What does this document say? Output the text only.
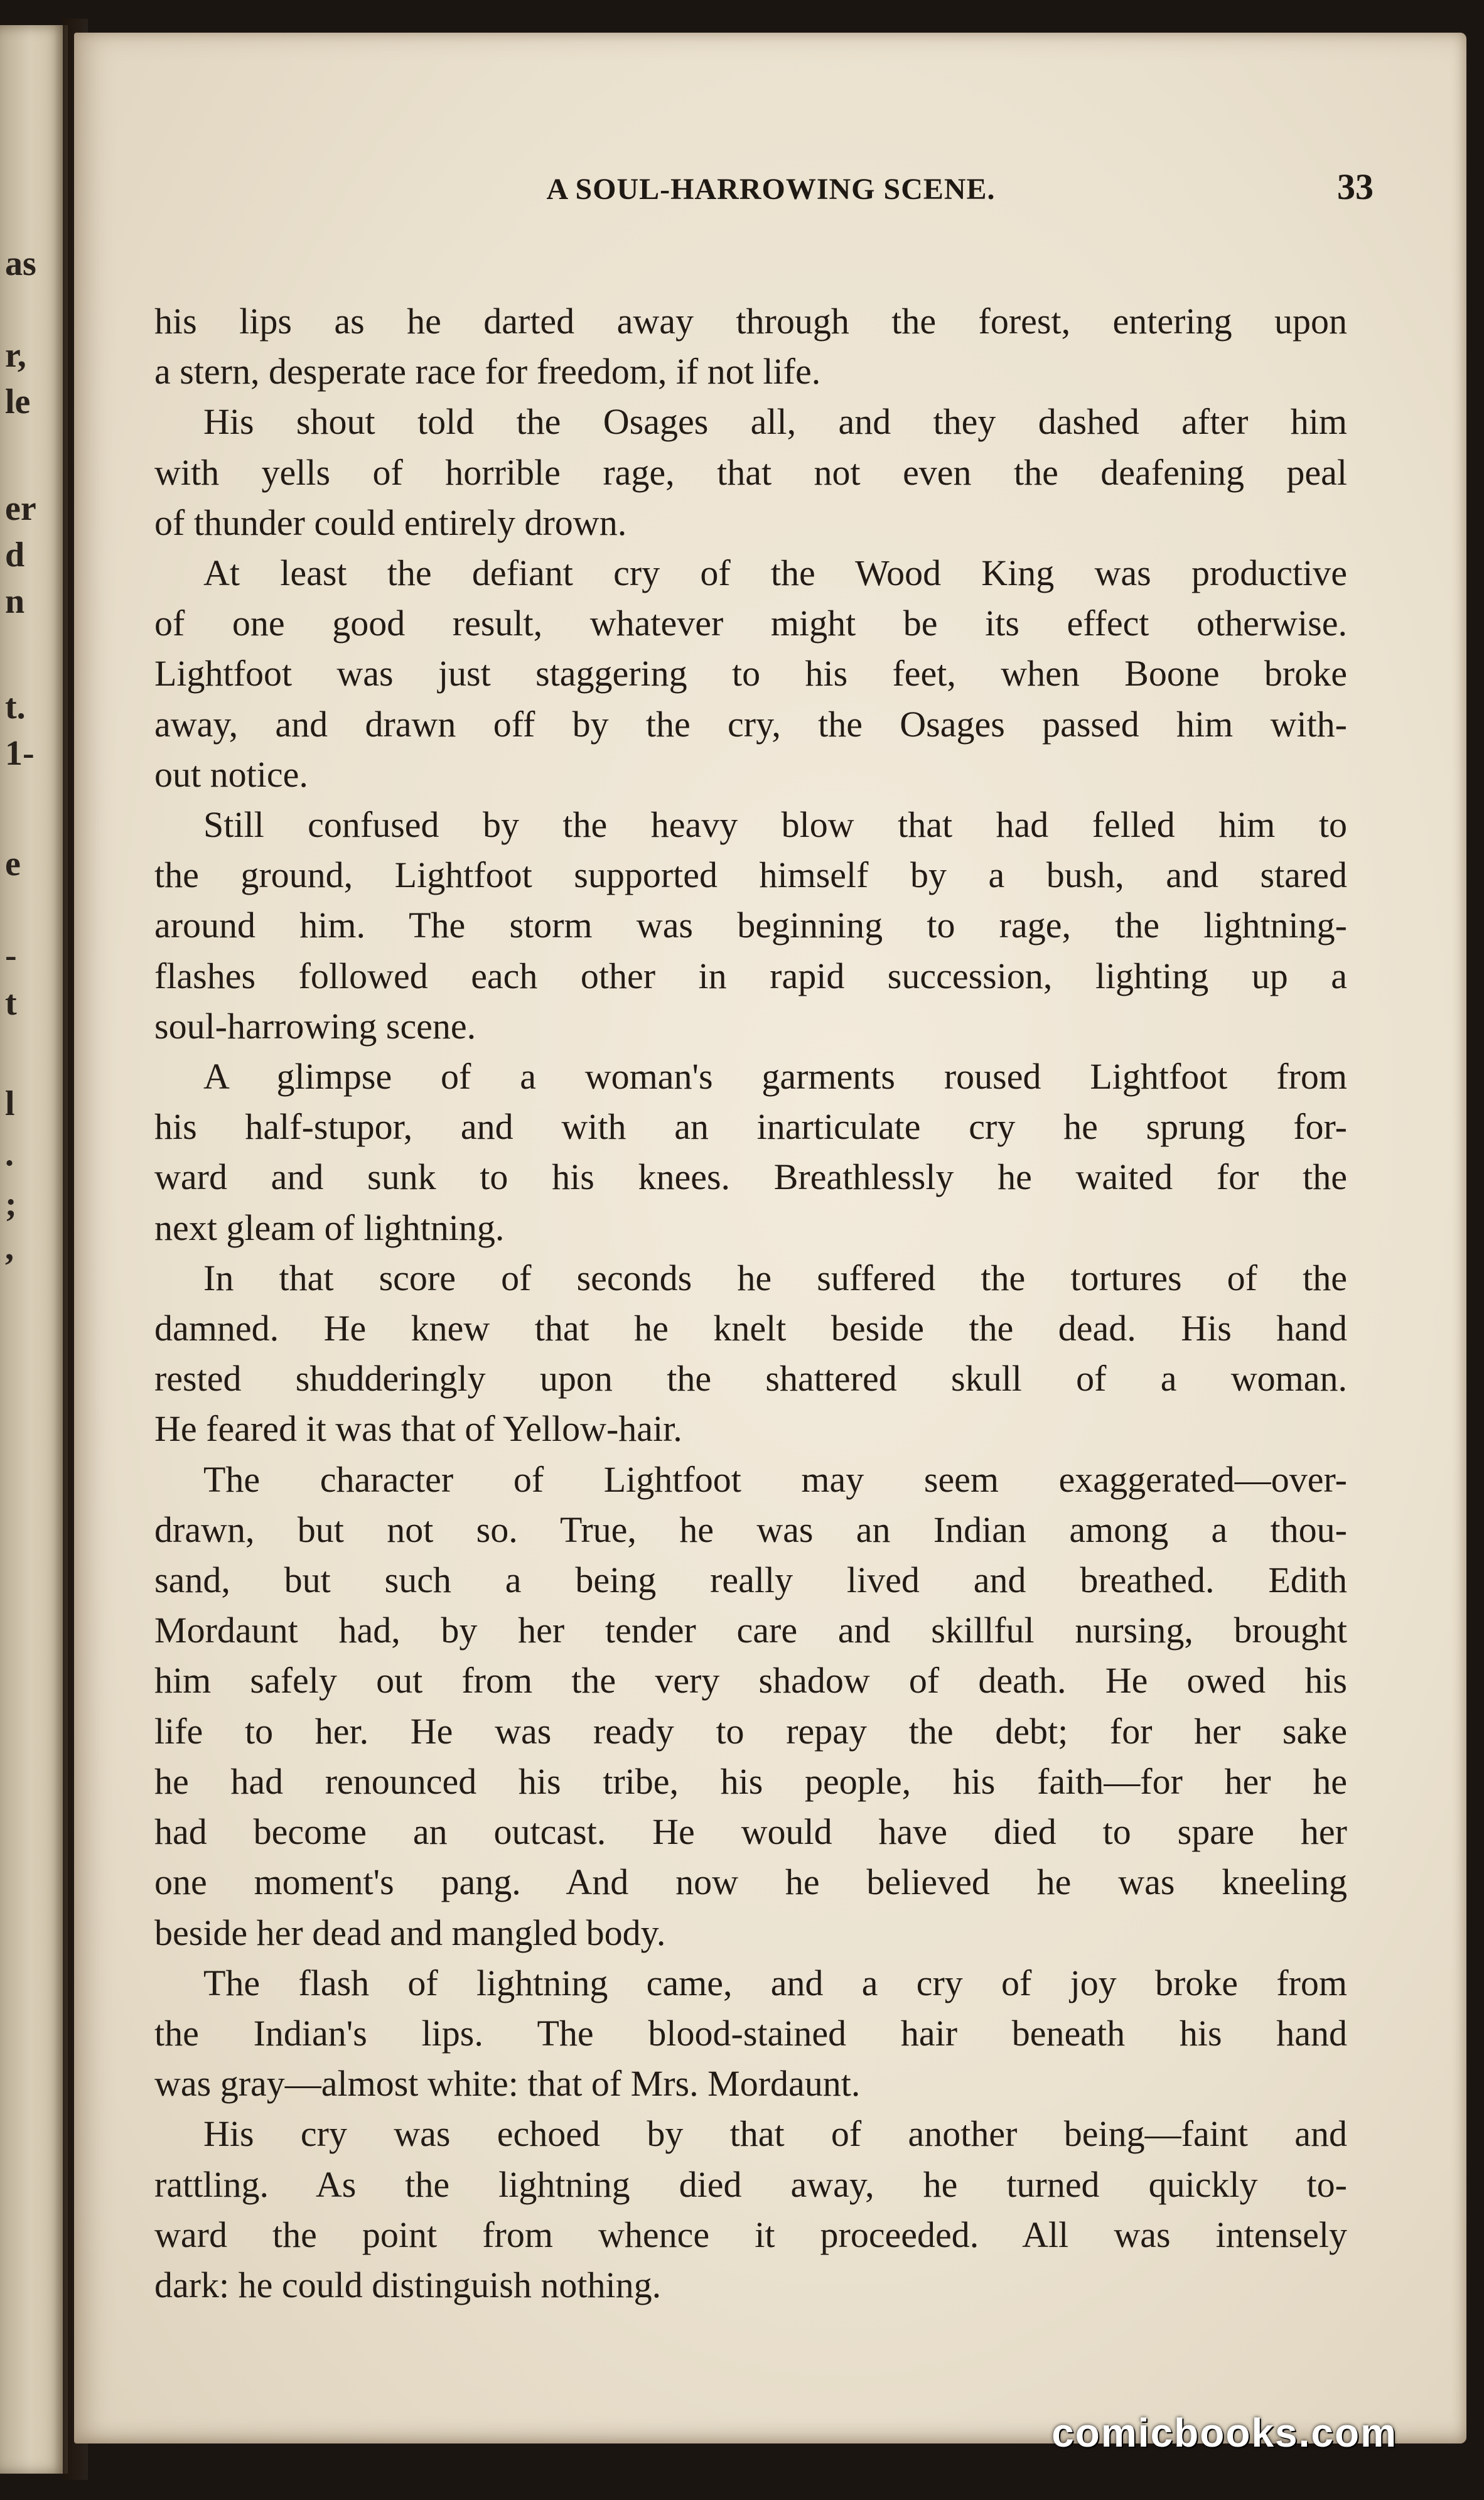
as
r,
le
er
d
n
t.
1-
e
-
t
l
.
;
,
A SOUL-HARROWING SCENE.	33
his lips as he darted away through the forest, entering upon
a stern, desperate race for freedom, if not life.
His shout told the Osages all, and they dashed after him
with yells of horrible rage, that not even the deafening peal
of thunder could entirely drown.
At least the defiant cry of the Wood King was productive
of one good result, whatever might be its effect otherwise.
Lightfoot was just staggering to his feet, when Boone broke
away, and drawn off by the cry, the Osages passed him with-
out notice.
Still confused by the heavy blow that had felled him to
the ground, Lightfoot supported himself by a bush, and stared
around him. The storm was beginning to rage, the lightning-
flashes followed each other in rapid succession, lighting up a
soul-harrowing scene.
A glimpse of a woman's garments roused Lightfoot from
his half-stupor, and with an inarticulate cry he sprung for-
ward and sunk to his knees. Breathlessly he waited for the
next gleam of lightning.
In that score of seconds he suffered the tortures of the
damned. He knew that he knelt beside the dead. His hand
rested shudderingly upon the shattered skull of a woman.
He feared it was that of Yellow-hair.
The character of Lightfoot may seem exaggerated—over-
drawn, but not so. True, he was an Indian among a thou-
sand, but such a being really lived and breathed. Edith
Mordaunt had, by her tender care and skillful nursing, brought
him safely out from the very shadow of death. He owed his
life to her. He was ready to repay the debt; for her sake
he had renounced his tribe, his people, his faith—for her he
had become an outcast. He would have died to spare her
one moment's pang. And now he believed he was kneeling
beside her dead and mangled body.
The flash of lightning came, and a cry of joy broke from
the Indian's lips. The blood-stained hair beneath his hand
was gray—almost white: that of Mrs. Mordaunt.
His cry was echoed by that of another being—faint and
rattling. As the lightning died away, he turned quickly to-
ward the point from whence it proceeded. All was intensely
dark: he could distinguish nothing.
comicbooks.com
